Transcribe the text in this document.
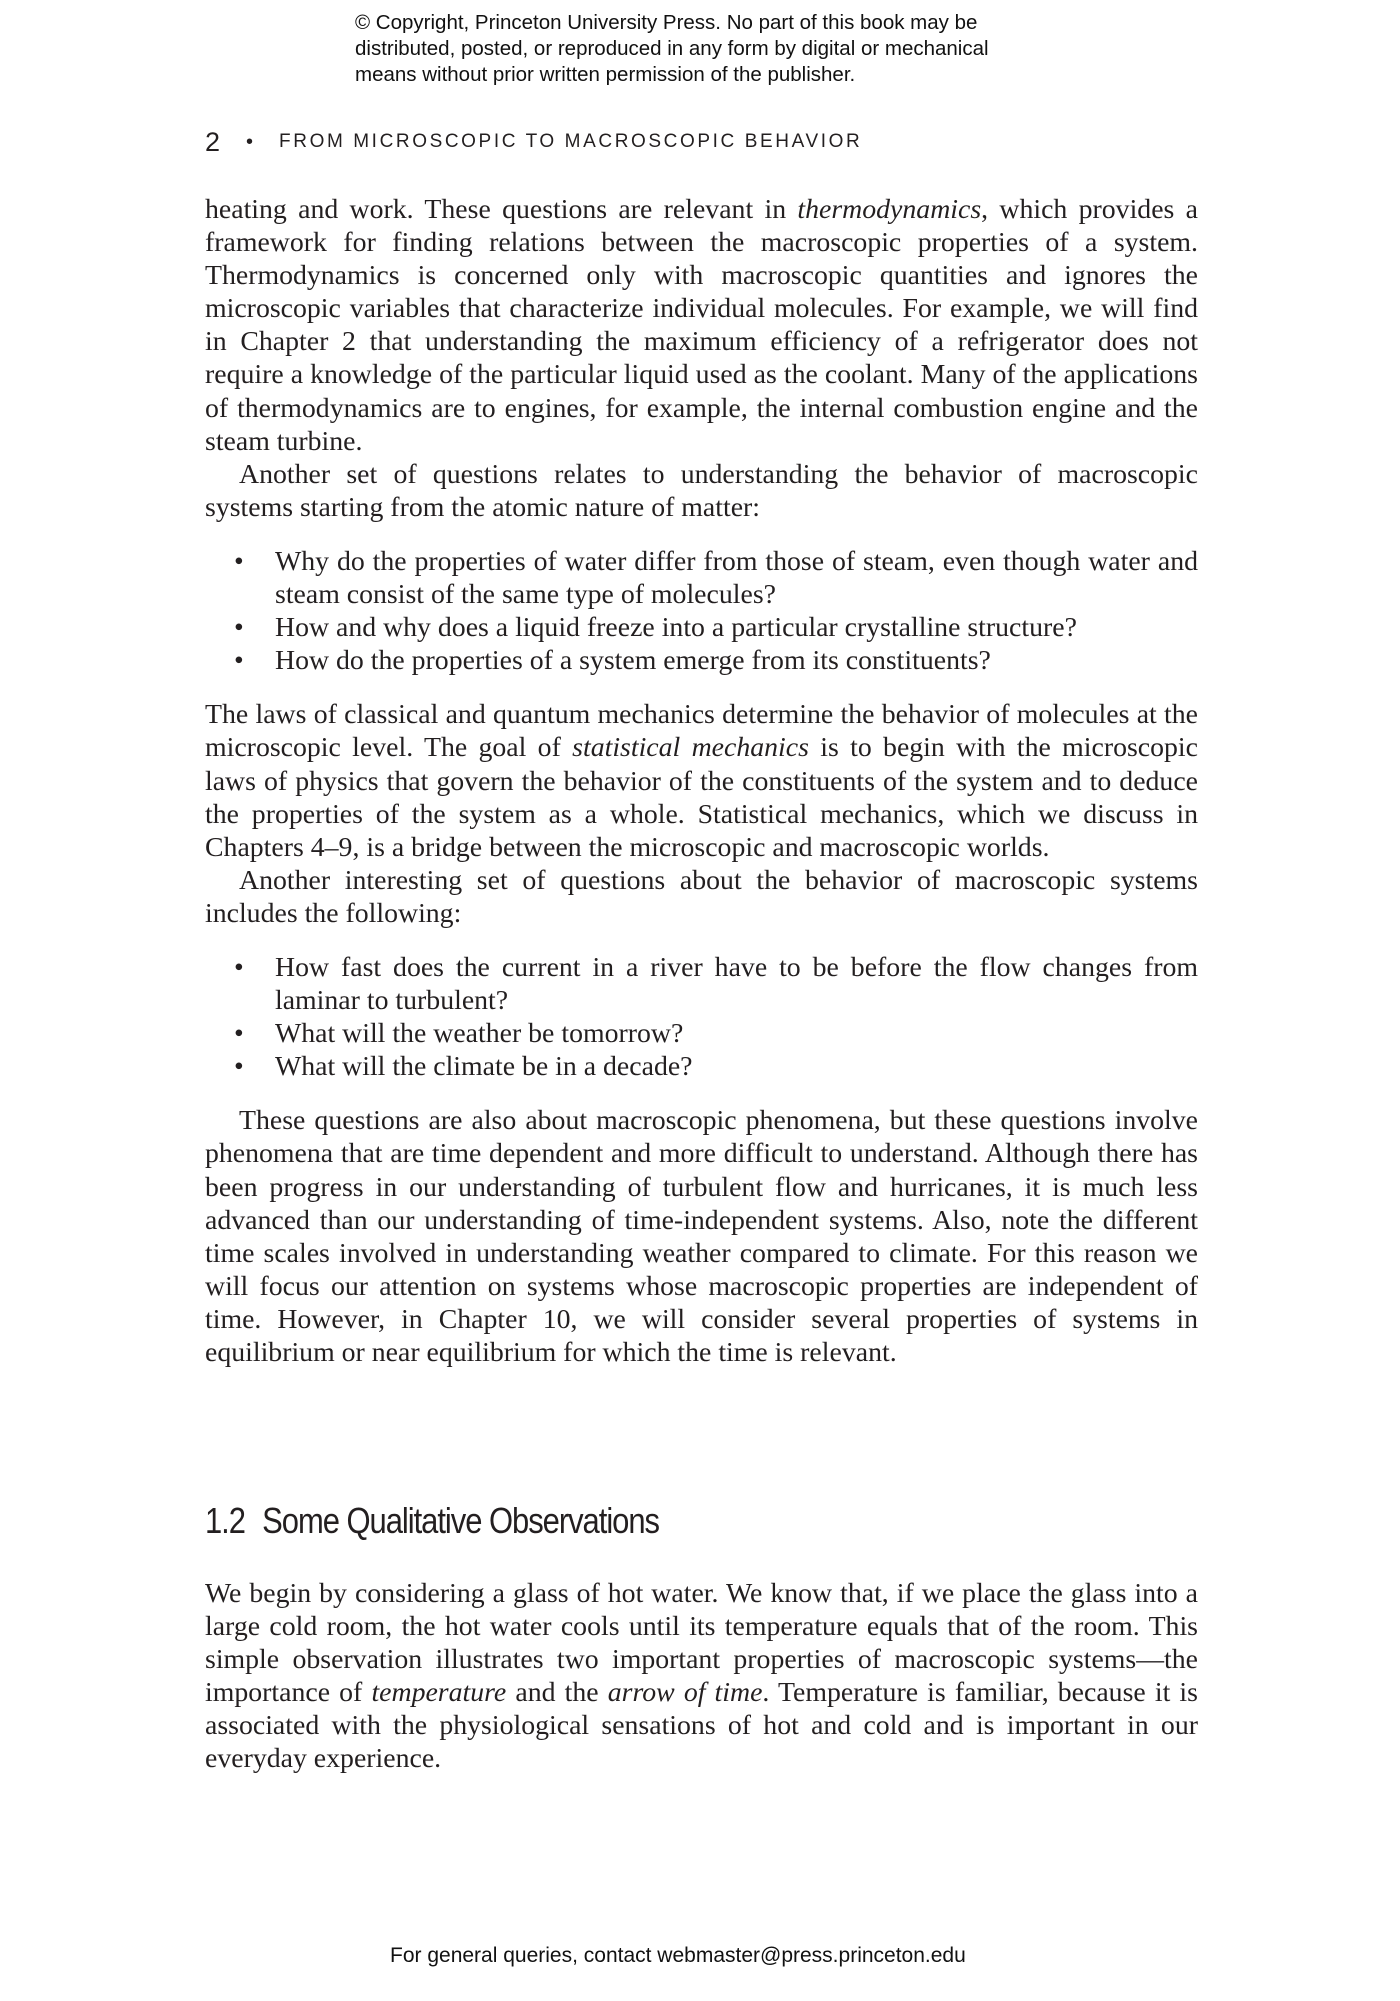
© Copyright, Princeton University Press. No part of this book may be
distributed, posted, or reproduced in any form by digital or mechanical
means without prior written permission of the publisher.
2 • FROM MICROSCOPIC TO MACROSCOPIC BEHAVIOR

heating and work. These questions are relevant in thermodynamics, which provides a framework for finding relations between the macroscopic properties of a system. Thermodynamics is concerned only with macroscopic quantities and ignores the microscopic variables that characterize individual molecules. For example, we will find in Chapter 2 that understanding the maximum efficiency of a refrigerator does not require a knowledge of the particular liquid used as the coolant. Many of the applications of thermodynamics are to engines, for example, the internal combustion engine and the steam turbine.

Another set of questions relates to understanding the behavior of macroscopic systems starting from the atomic nature of matter:

• Why do the properties of water differ from those of steam, even though water and steam consist of the same type of molecules?
• How and why does a liquid freeze into a particular crystalline structure?
• How do the properties of a system emerge from its constituents?

The laws of classical and quantum mechanics determine the behavior of molecules at the microscopic level. The goal of statistical mechanics is to begin with the microscopic laws of physics that govern the behavior of the constituents of the system and to deduce the properties of the system as a whole. Statistical mechanics, which we discuss in Chapters 4–9, is a bridge between the microscopic and macroscopic worlds.

Another interesting set of questions about the behavior of macroscopic systems includes the following:

• How fast does the current in a river have to be before the flow changes from laminar to turbulent?
• What will the weather be tomorrow?
• What will the climate be in a decade?

These questions are also about macroscopic phenomena, but these questions involve phenomena that are time dependent and more difficult to understand. Although there has been progress in our understanding of turbulent flow and hurricanes, it is much less advanced than our understanding of time-independent systems. Also, note the different time scales involved in understanding weather compared to climate. For this reason we will focus our attention on systems whose macroscopic properties are independent of time. However, in Chapter 10, we will consider several properties of systems in equilibrium or near equilibrium for which the time is relevant.

1.2 Some Qualitative Observations

We begin by considering a glass of hot water. We know that, if we place the glass into a large cold room, the hot water cools until its temperature equals that of the room. This simple observation illustrates two important properties of macroscopic systems—the importance of temperature and the arrow of time. Temperature is familiar, because it is associated with the physiological sensations of hot and cold and is important in our everyday experience.

For general queries, contact webmaster@press.princeton.edu
